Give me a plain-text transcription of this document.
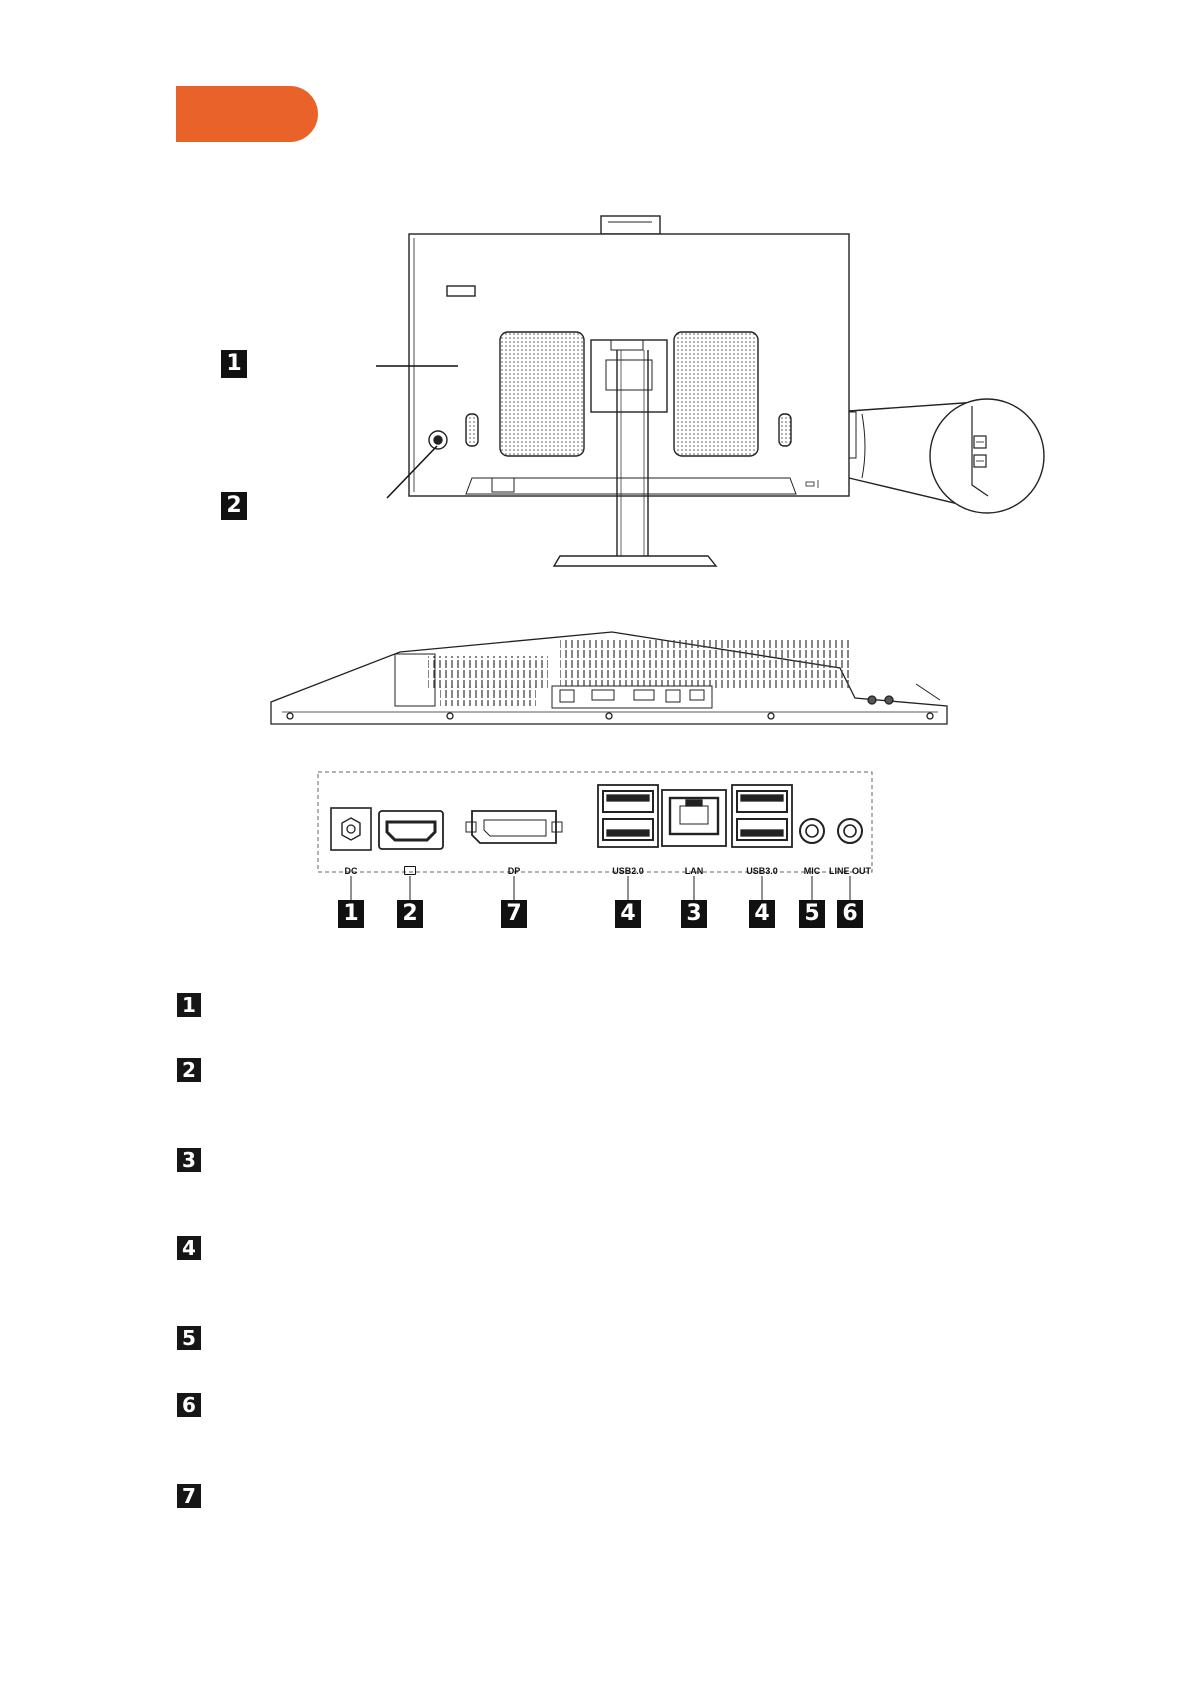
1
2
DC	DP	USB2.0	LAN	USB3.0	MIC LINE OUT
1 2	7	4 3 4 5 6
1
2
3
4
5
6
7
